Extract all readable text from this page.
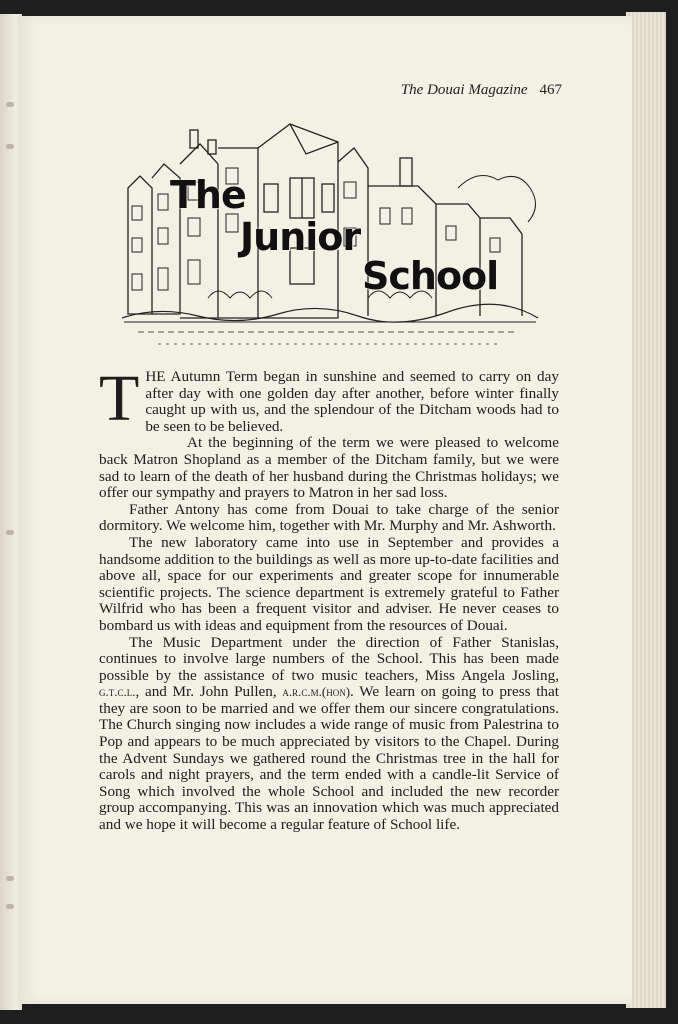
The Douai Magazine 467
The
Junior
School

T HE Autumn Term began in sunshine and seemed to carry on day after day with one golden day after another, before winter finally caught up with us, and the splendour of the Ditcham woods had to be seen to be believed.

At the beginning of the term we were pleased to welcome back Matron Shopland as a member of the Ditcham family, but we were sad to learn of the death of her husband during the Christmas holidays; we offer our sympathy and prayers to Matron in her sad loss.

Father Antony has come from Douai to take charge of the senior dormitory. We welcome him, together with Mr. Murphy and Mr. Ashworth.

The new laboratory came into use in September and provides a handsome addition to the buildings as well as more up-to-date facilities and above all, space for our experiments and greater scope for innumerable scientific projects. The science department is extremely grateful to Father Wilfrid who has been a frequent visitor and adviser. He never ceases to bombard us with ideas and equipment from the resources of Douai.

The Music Department under the direction of Father Stanislas, continues to involve large numbers of the School. This has been made possible by the assistance of two music teachers, Miss Angela Josling, g.t.c.l., and Mr. John Pullen, a.r.c.m.(hon). We learn on going to press that they are soon to be married and we offer them our sincere congratulations. The Church singing now includes a wide range of music from Palestrina to Pop and appears to be much appreciated by visitors to the Chapel. During the Advent Sundays we gathered round the Christmas tree in the hall for carols and night prayers, and the term ended with a candle-lit Service of Song which involved the whole School and included the new recorder group accompanying. This was an innovation which was much appreciated and we hope it will become a regular feature of School life.
